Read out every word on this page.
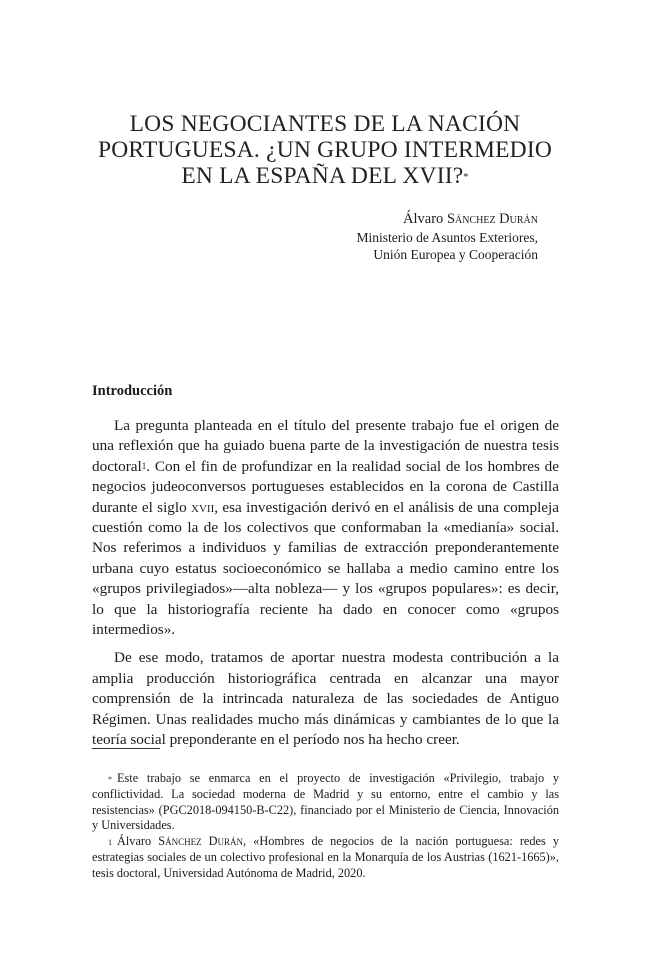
LOS NEGOCIANTES DE LA NACIÓN
PORTUGUESA. ¿UN GRUPO INTERMEDIO
EN LA ESPAÑA DEL XVII?*
Álvaro Sánchez Durán
Ministerio de Asuntos Exteriores,
Unión Europea y Cooperación
Introducción

La pregunta planteada en el título del presente trabajo fue el origen de una reflexión que ha guiado buena parte de la investigación de nuestra tesis doctoral$^1$. Con el fin de profundizar en la realidad social de los hombres de negocios judeoconversos portugueses establecidos en la corona de Castilla durante el siglo xvii, esa investigación derivó en el análisis de una compleja cuestión como la de los colectivos que conformaban la «medianía» social. Nos referimos a individuos y familias de extracción preponderantemente urbana cuyo estatus socioeconómico se hallaba a medio camino entre los «grupos privilegiados»—alta nobleza— y los «grupos populares»: es decir, lo que la historiografía reciente ha dado en conocer como «grupos intermedios».

De ese modo, tratamos de aportar nuestra modesta contribución a la amplia producción historiográfica centrada en alcanzar una mayor comprensión de la intrincada naturaleza de las sociedades de Antiguo Régimen. Unas realidades mucho más dinámicas y cambiantes de lo que la teoría social preponderante en el período nos ha hecho creer.

* Este trabajo se enmarca en el proyecto de investigación «Privilegio, trabajo y conflictividad. La sociedad moderna de Madrid y su entorno, entre el cambio y las resistencias» (PGC2018-094150-B-C22), financiado por el Ministerio de Ciencia, Innovación y Universidades.

$^1$ Álvaro Sánchez Durán, «Hombres de negocios de la nación portuguesa: redes y estrategias sociales de un colectivo profesional en la Monarquía de los Austrias (1621-1665)», tesis doctoral, Universidad Autónoma de Madrid, 2020.
